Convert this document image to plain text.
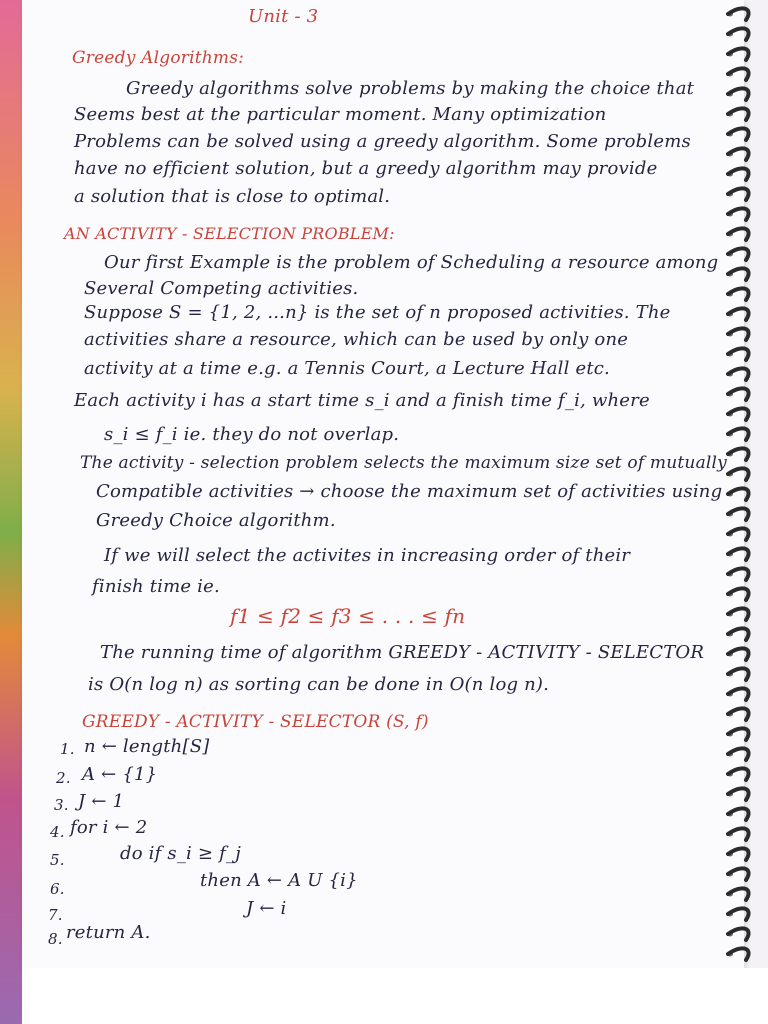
Unit - 3
Greedy Algorithms:
Greedy algorithms solve problems by making the choice that
Seems best at the particular moment. Many optimization
Problems can be solved using a greedy algorithm. Some problems
have no efficient solution, but a greedy algorithm may provide
a solution that is close to optimal.
AN ACTIVITY - SELECTION PROBLEM:
Our first Example is the problem of Scheduling a resource among
Several Competing activities.
Suppose S = {1, 2, ...n} is the set of n proposed activities. The
activities share a resource, which can be used by only one
activity at a time e.g. a Tennis Court, a Lecture Hall etc.
Each activity i has a start time s_i and a finish time f_i, where
s_i ≤ f_i ie. they do not overlap.
The activity - selection problem selects the maximum size set of mutually
Compatible activities → choose the maximum set of activities using
Greedy Choice algorithm.
If we will select the activites in increasing order of their
finish time ie.
f1 ≤ f2 ≤ f3 ≤ . . . ≤ fn
The running time of algorithm GREEDY - ACTIVITY - SELECTOR
is O(n log n) as sorting can be done in O(n log n).
GREEDY - ACTIVITY - SELECTOR (S, f)
1. n ← length[S]
2. A ← {1}
3. J ← 1
4. for i ← 2
5.	do if s_i ≥ f_j
6.	then A ← A U {i}
J ← i
7.
8. return A.
